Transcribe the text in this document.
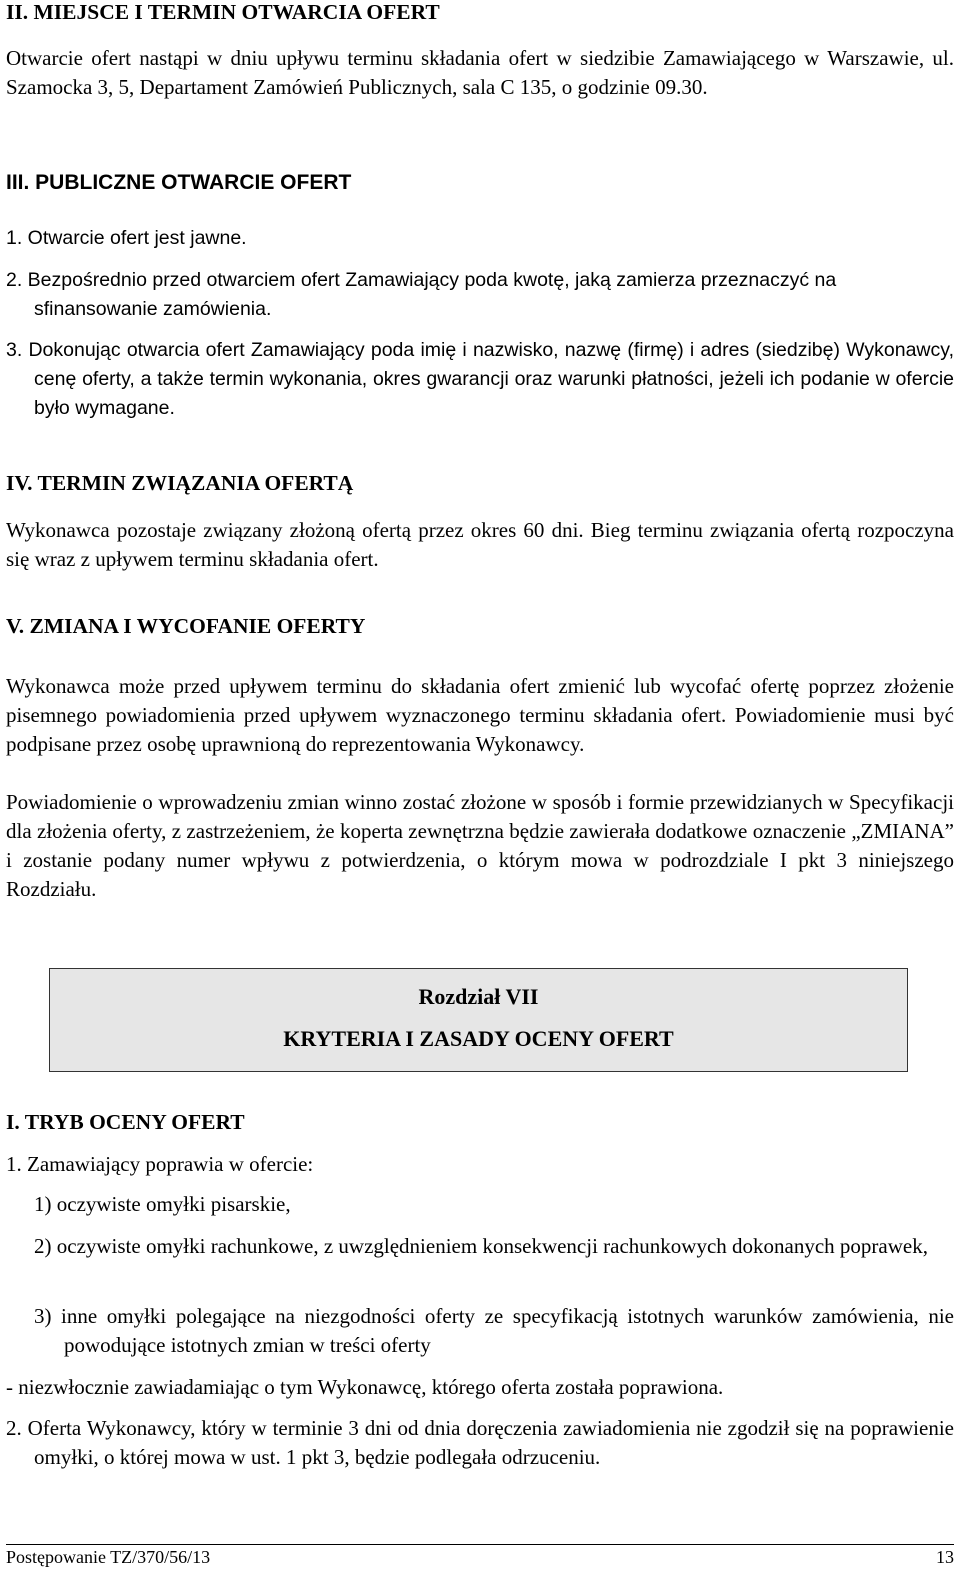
II. MIEJSCE I TERMIN OTWARCIA OFERT
Otwarcie ofert nastąpi w dniu upływu terminu składania ofert w siedzibie Zamawiającego w Warszawie, ul. Szamocka 3, 5, Departament Zamówień Publicznych, sala C 135, o godzinie 09.30.
III. PUBLICZNE OTWARCIE OFERT
1. Otwarcie ofert jest jawne.
2. Bezpośrednio przed otwarciem ofert Zamawiający poda kwotę, jaką zamierza przeznaczyć na sfinansowanie zamówienia.
3. Dokonując otwarcia ofert Zamawiający poda imię i nazwisko, nazwę (firmę) i adres (siedzibę) Wykonawcy, cenę oferty, a także termin wykonania, okres gwarancji oraz warunki płatności, jeżeli ich podanie w ofercie było wymagane.
IV. TERMIN ZWIĄZANIA OFERTĄ
Wykonawca pozostaje związany złożoną ofertą przez okres 60 dni. Bieg terminu związania ofertą rozpoczyna się wraz z upływem terminu składania ofert.
V. ZMIANA I WYCOFANIE OFERTY
Wykonawca może przed upływem terminu do składania ofert zmienić lub wycofać ofertę poprzez złożenie pisemnego powiadomienia przed upływem wyznaczonego terminu składania ofert. Powiadomienie musi być podpisane przez osobę uprawnioną do reprezentowania Wykonawcy.
Powiadomienie o wprowadzeniu zmian winno zostać złożone w sposób i formie przewidzianych w Specyfikacji dla złożenia oferty, z zastrzeżeniem, że koperta zewnętrzna będzie zawierała dodatkowe oznaczenie „ZMIANA” i zostanie podany numer wpływu z potwierdzenia, o którym mowa w podrozdziale I pkt 3 niniejszego Rozdziału.
Rozdział VII
KRYTERIA I ZASADY OCENY OFERT
I. TRYB OCENY OFERT
1. Zamawiający poprawia w ofercie:
1) oczywiste omyłki pisarskie,
2) oczywiste omyłki rachunkowe, z uwzględnieniem konsekwencji rachunkowych dokonanych poprawek,
3) inne omyłki polegające na niezgodności oferty ze specyfikacją istotnych warunków zamówienia, nie powodujące istotnych zmian w treści oferty
- niezwłocznie zawiadamiając o tym Wykonawcę, którego oferta została poprawiona.
2. Oferta Wykonawcy, który w terminie 3 dni od dnia doręczenia zawiadomienia nie zgodził się na poprawienie omyłki, o której mowa w ust. 1 pkt 3, będzie podlegała odrzuceniu.
Postępowanie TZ/370/56/13	13
